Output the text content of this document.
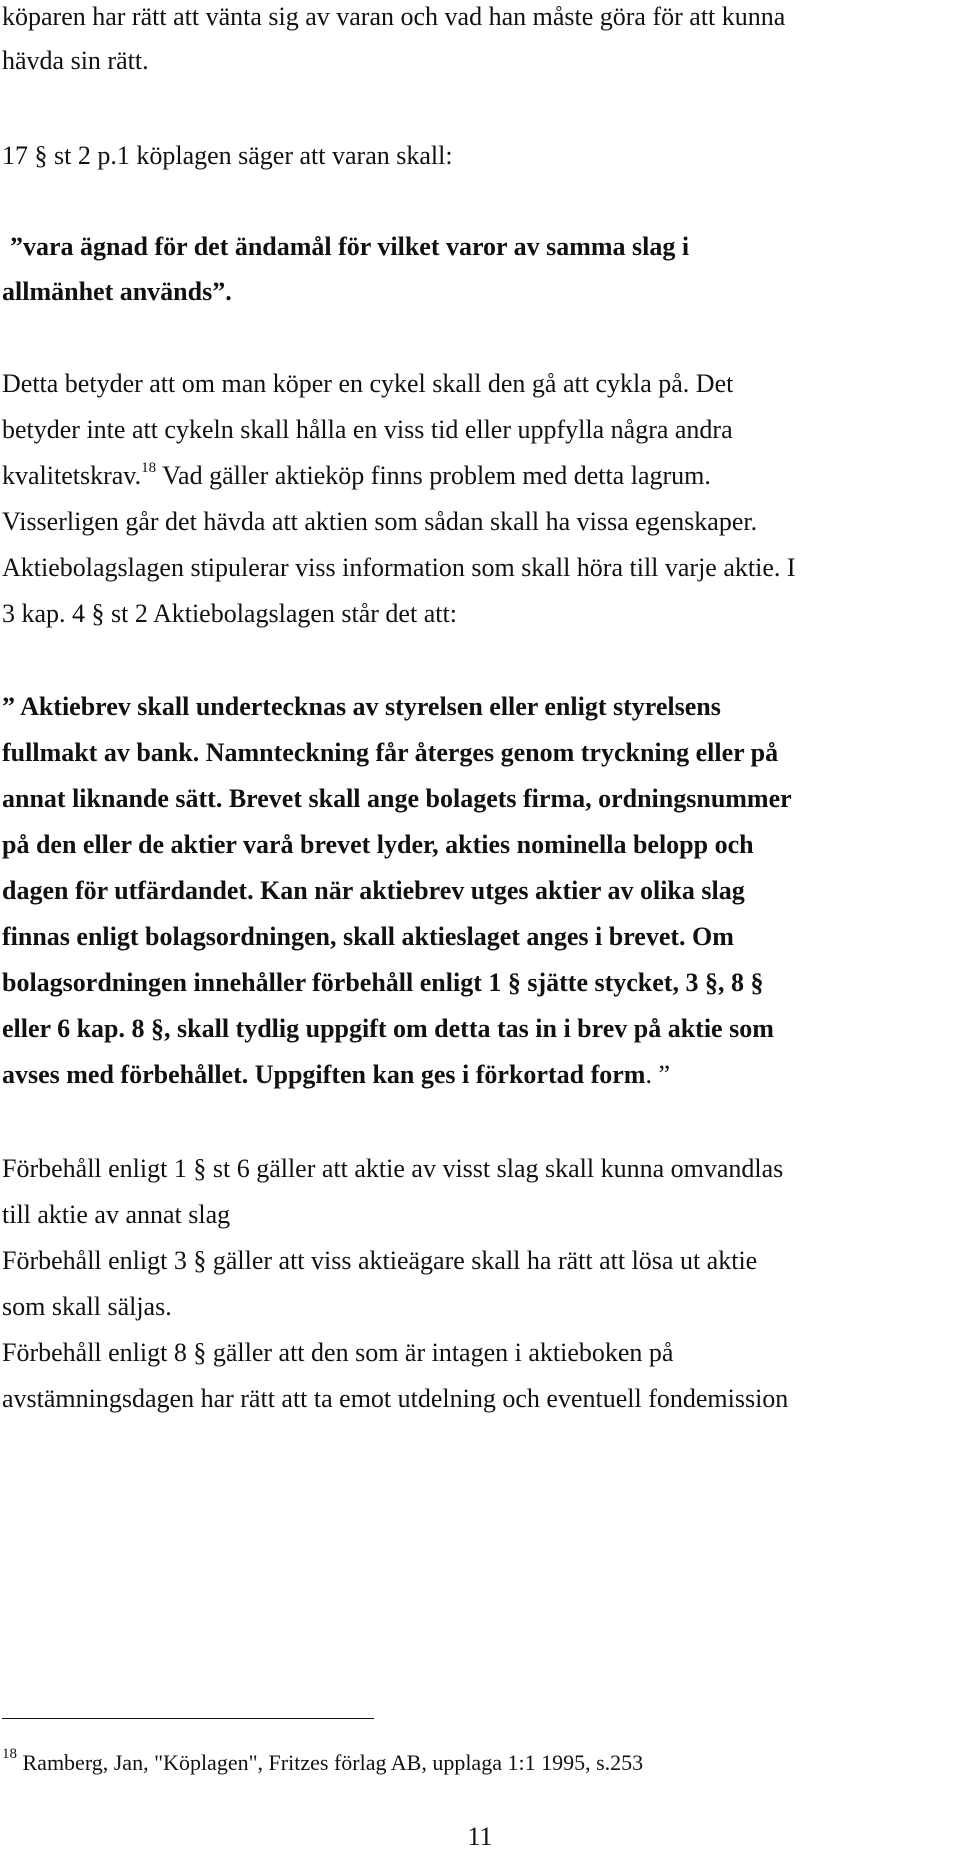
köparen har rätt att vänta sig av varan och vad han måste göra för att kunna
hävda sin rätt.
17 § st 2 p.1 köplagen säger att varan skall:
”vara ägnad för det ändamål för vilket varor av samma slag i
allmänhet används”.
Detta betyder att om man köper en cykel skall den gå att cykla på. Det
betyder inte att cykeln skall hålla en viss tid eller uppfylla några andra
kvalitetskrav.$^{18}$ Vad gäller aktieköp finns problem med detta lagrum.
Visserligen går det hävda att aktien som sådan skall ha vissa egenskaper.
Aktiebolagslagen stipulerar viss information som skall höra till varje aktie. I
3 kap. 4 § st 2 Aktiebolagslagen står det att:
” Aktiebrev skall undertecknas av styrelsen eller enligt styrelsens
fullmakt av bank. Namnteckning får återges genom tryckning eller på
annat liknande sätt. Brevet skall ange bolagets firma, ordningsnummer
på den eller de aktier varå brevet lyder, akties nominella belopp och
dagen för utfärdandet. Kan när aktiebrev utges aktier av olika slag
finnas enligt bolagsordningen, skall aktieslaget anges i brevet. Om
bolagsordningen innehåller förbehåll enligt 1 § sjätte stycket, 3 §, 8 §
eller 6 kap. 8 §, skall tydlig uppgift om detta tas in i brev på aktie som
avses med förbehållet. Uppgiften kan ges i förkortad form. ”
Förbehåll enligt 1 § st 6 gäller att aktie av visst slag skall kunna omvandlas
till aktie av annat slag
Förbehåll enligt 3 § gäller att viss aktieägare skall ha rätt att lösa ut aktie
som skall säljas.
Förbehåll enligt 8 § gäller att den som är intagen i aktieboken på
avstämningsdagen har rätt att ta emot utdelning och eventuell fondemission
$^{18}$ Ramberg, Jan, "Köplagen", Fritzes förlag AB, upplaga 1:1 1995, s.253
11
